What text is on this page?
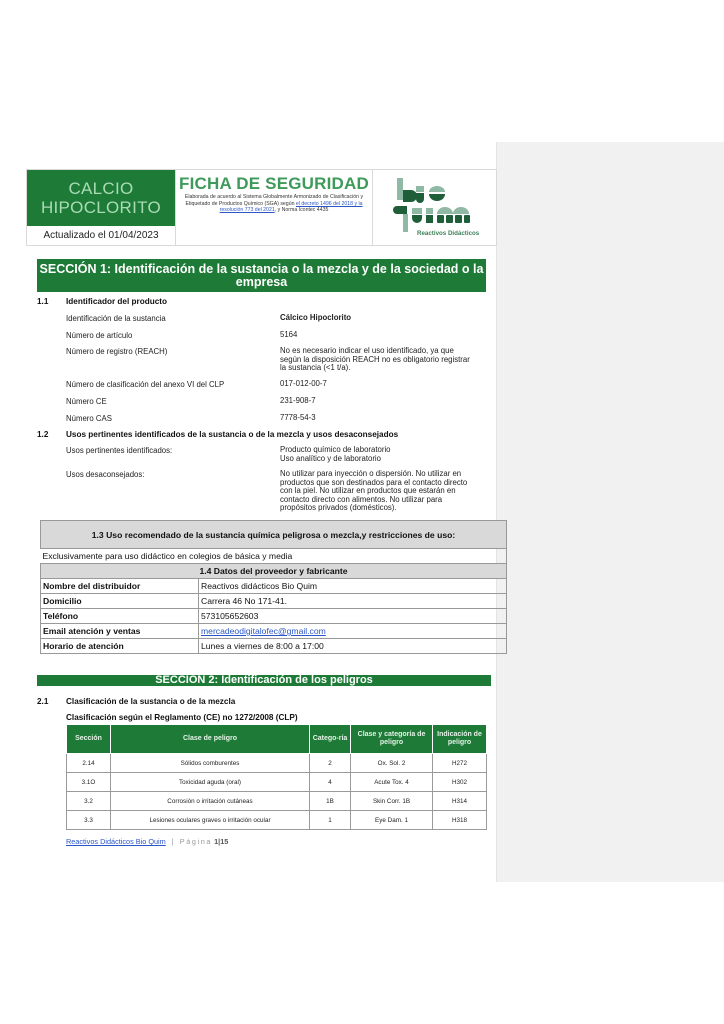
CALCIO
HIPOCLORITO
Actualizado el 01/04/2023
FICHA DE SEGURIDAD
Elaborada de acuerdo al Sistema Globalmente Armonizado de Clasificación y Etiquetado de Productos Químico (SGA) según el decreto 1496 del 2018 y la resolución 773 del 2021, y Norma Icontec 4435
Reactivos Didácticos
SECCIÓN 1: Identificación de la sustancia o la mezcla y de la sociedad o la empresa
1.1 Identificador del producto
Identificación de la sustancia	Cálcico Hipoclorito
Número de artículo	5164
Número de registro (REACH)	No es necesario indicar el uso identificado, ya que según la disposición REACH no es obligatorio registrar la sustancia (<1 t/a).
Número de clasificación del anexo VI del CLP	017-012-00-7
Número CE	231-908-7
Número CAS	7778-54-3
1.2 Usos pertinentes identificados de la sustancia o de la mezcla y usos desaconsejados
Usos pertinentes identificados:	Producto químico de laboratorio
Uso analítico y de laboratorio
Usos desaconsejados:	No utilizar para inyección o dispersión. No utilizar en productos que son destinados para el contacto directo con la piel. No utilizar en productos que estarán en contacto directo con alimentos. No utilizar para propósitos privados (domésticos).
1.3 Uso recomendado de la sustancia química peligrosa o mezcla,y restricciones de uso:	
Exclusivamente para uso didáctico en colegios de básica y media	
1.4 Datos del proveedor y fabricante	
Nombre del distribuidor	Reactivos didácticos Bio Quim
Domicilio	Carrera 46 No 171-41.
Teléfono	573105652603
Email atención y ventas	mercadeodigitalofec@gmail.com
Horario de atención	Lunes a viernes de 8:00 a 17:00
SECCIÓN 2: Identificación de los peligros
2.1 Clasificación de la sustancia o de la mezcla
Clasificación según el Reglamento (CE) no 1272/2008 (CLP)
Sección	Clase de peligro	Catego-ría	Clase y categoría de peligro	Indicación de peligro
2.14	Sólidos comburentes	2	Ox. Sol. 2	H272
3.1O	Toxicidad aguda (oral)	4	Acute Tox. 4	H302
3.2	Corrosión o irritación cutáneas	1B	Skin Corr. 1B	H314
3.3	Lesiones oculares graves o irritación ocular	1	Eye Dam. 1	H318
Reactivos Didácticos Bio Quim | Página 1|15
